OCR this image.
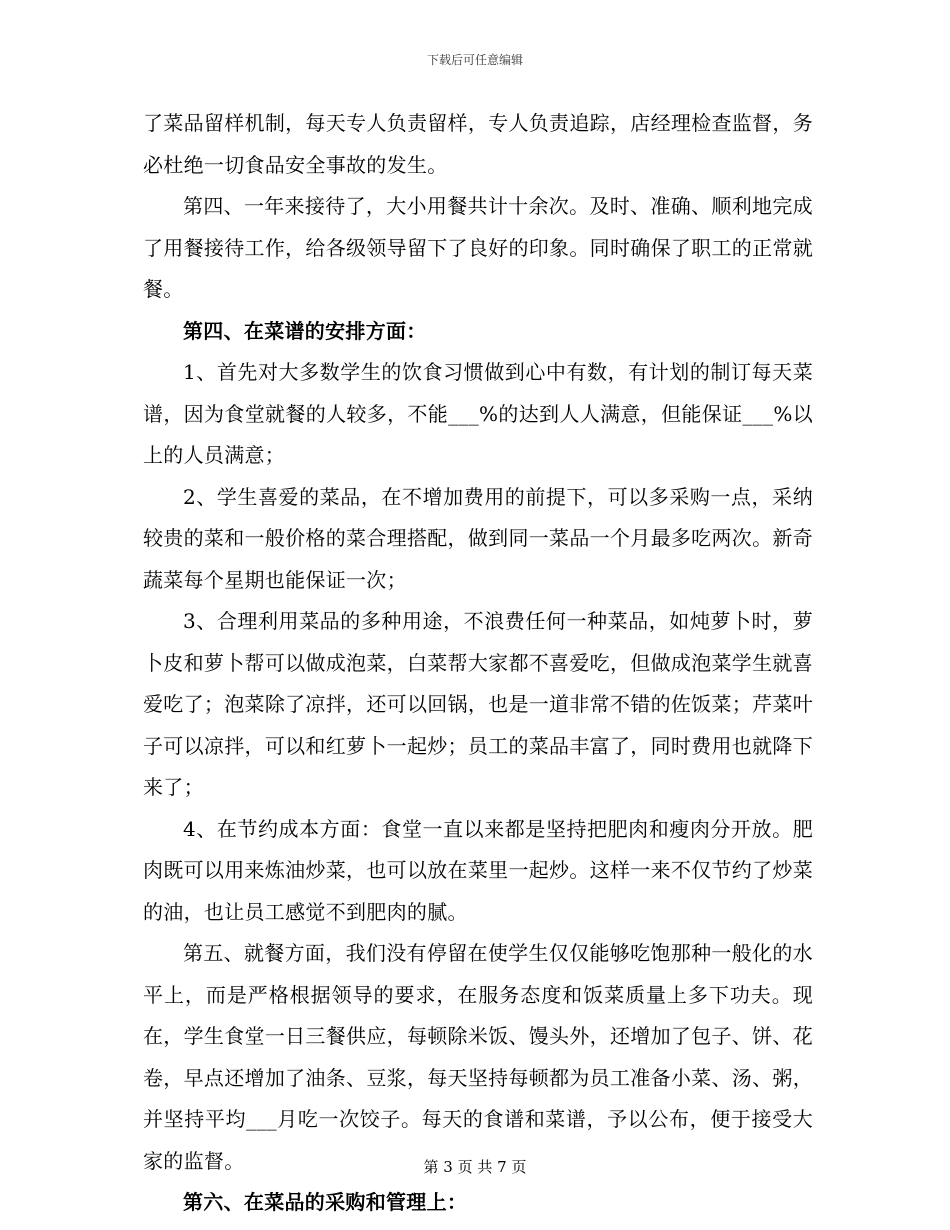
下载后可任意编辑

了菜品留样机制，每天专人负责留样，专人负责追踪，店经理检查监督，务必杜绝一切食品安全事故的发生。

第四、一年来接待了，大小用餐共计十余次。及时、准确、顺利地完成了用餐接待工作，给各级领导留下了良好的印象。同时确保了职工的正常就餐。

第四、在菜谱的安排方面：

1、首先对大多数学生的饮食习惯做到心中有数，有计划的制订每天菜谱，因为食堂就餐的人较多，不能___%的达到人人满意，但能保证___%以上的人员满意；

2、学生喜爱的菜品，在不增加费用的前提下，可以多采购一点，采纳较贵的菜和一般价格的菜合理搭配，做到同一菜品一个月最多吃两次。新奇蔬菜每个星期也能保证一次；

3、合理利用菜品的多种用途，不浪费任何一种菜品，如炖萝卜时，萝卜皮和萝卜帮可以做成泡菜，白菜帮大家都不喜爱吃，但做成泡菜学生就喜爱吃了；泡菜除了凉拌，还可以回锅，也是一道非常不错的佐饭菜；芹菜叶子可以凉拌，可以和红萝卜一起炒；员工的菜品丰富了，同时费用也就降下来了；

4、在节约成本方面：食堂一直以来都是坚持把肥肉和瘦肉分开放。肥肉既可以用来炼油炒菜，也可以放在菜里一起炒。这样一来不仅节约了炒菜的油，也让员工感觉不到肥肉的腻。

第五、就餐方面，我们没有停留在使学生仅仅能够吃饱那种一般化的水平上，而是严格根据领导的要求，在服务态度和饭菜质量上多下功夫。现在，学生食堂一日三餐供应，每顿除米饭、馒头外，还增加了包子、饼、花卷，早点还增加了油条、豆浆，每天坚持每顿都为员工准备小菜、汤、粥，并坚持平均___月吃一次饺子。每天的食谱和菜谱，予以公布，便于接受大家的监督。

第六、在菜品的采购和管理上：

第 3 页 共 7 页
